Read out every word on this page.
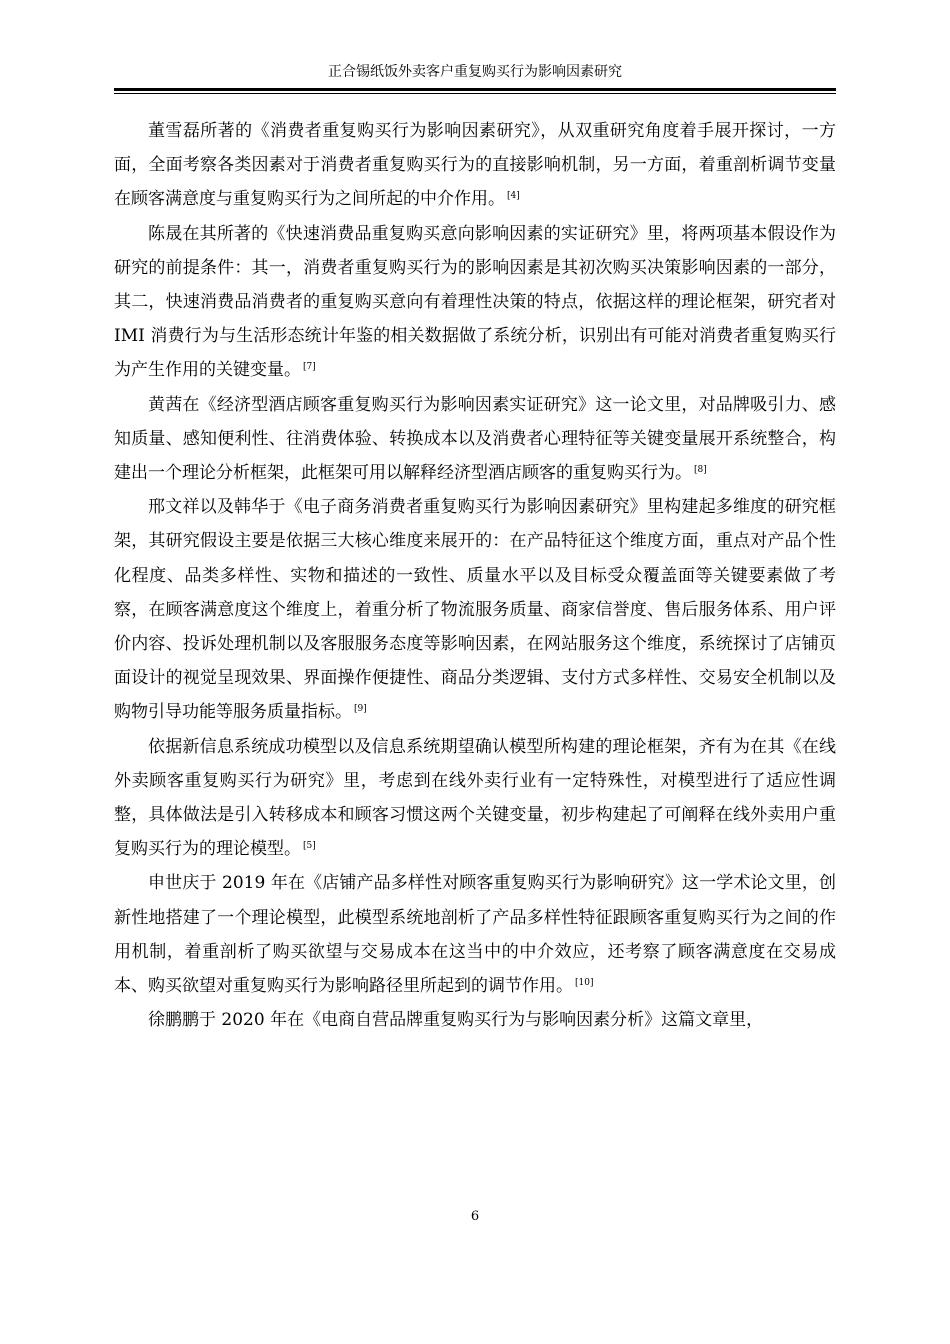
正合锡纸饭外卖客户重复购买行为影响因素研究

董雪磊所著的《消费者重复购买行为影响因素研究》，从双重研究角度着手展开探讨，一方面，全面考察各类因素对于消费者重复购买行为的直接影响机制，另一方面，着重剖析调节变量在顾客满意度与重复购买行为之间所起的中介作用。 [4]

陈晟在其所著的《快速消费品重复购买意向影响因素的实证研究》里，将两项基本假设作为研究的前提条件：其一，消费者重复购买行为的影响因素是其初次购买决策影响因素的一部分，其二，快速消费品消费者的重复购买意向有着理性决策的特点，依据这样的理论框架，研究者对 IMI 消费行为与生活形态统计年鉴的相关数据做了系统分析，识别出有可能对消费者重复购买行为产生作用的关键变量。 [7]

黄茜在《经济型酒店顾客重复购买行为影响因素实证研究》这一论文里，对品牌吸引力、感知质量、感知便利性、往消费体验、转换成本以及消费者心理特征等关键变量展开系统整合，构建出一个理论分析框架，此框架可用以解释经济型酒店顾客的重复购买行为。 [8]

邢文祥以及韩华于《电子商务消费者重复购买行为影响因素研究》里构建起多维度的研究框架，其研究假设主要是依据三大核心维度来展开的：在产品特征这个维度方面，重点对产品个性化程度、品类多样性、实物和描述的一致性、质量水平以及目标受众覆盖面等关键要素做了考察，在顾客满意度这个维度上，着重分析了物流服务质量、商家信誉度、售后服务体系、用户评价内容、投诉处理机制以及客服服务态度等影响因素，在网站服务这个维度，系统探讨了店铺页面设计的视觉呈现效果、界面操作便捷性、商品分类逻辑、支付方式多样性、交易安全机制以及购物引导功能等服务质量指标。 [9]

依据新信息系统成功模型以及信息系统期望确认模型所构建的理论框架，齐有为在其《在线外卖顾客重复购买行为研究》里，考虑到在线外卖行业有一定特殊性，对模型进行了适应性调整，具体做法是引入转移成本和顾客习惯这两个关键变量，初步构建起了可阐释在线外卖用户重复购买行为的理论模型。 [5]

申世庆于 2019 年在《店铺产品多样性对顾客重复购买行为影响研究》这一学术论文里，创新性地搭建了一个理论模型，此模型系统地剖析了产品多样性特征跟顾客重复购买行为之间的作用机制，着重剖析了购买欲望与交易成本在这当中的中介效应，还考察了顾客满意度在交易成本、购买欲望对重复购买行为影响路径里所起到的调节作用。 [10]

徐鹏鹏于 2020 年在《电商自营品牌重复购买行为与影响因素分析》这篇文章里，

6
